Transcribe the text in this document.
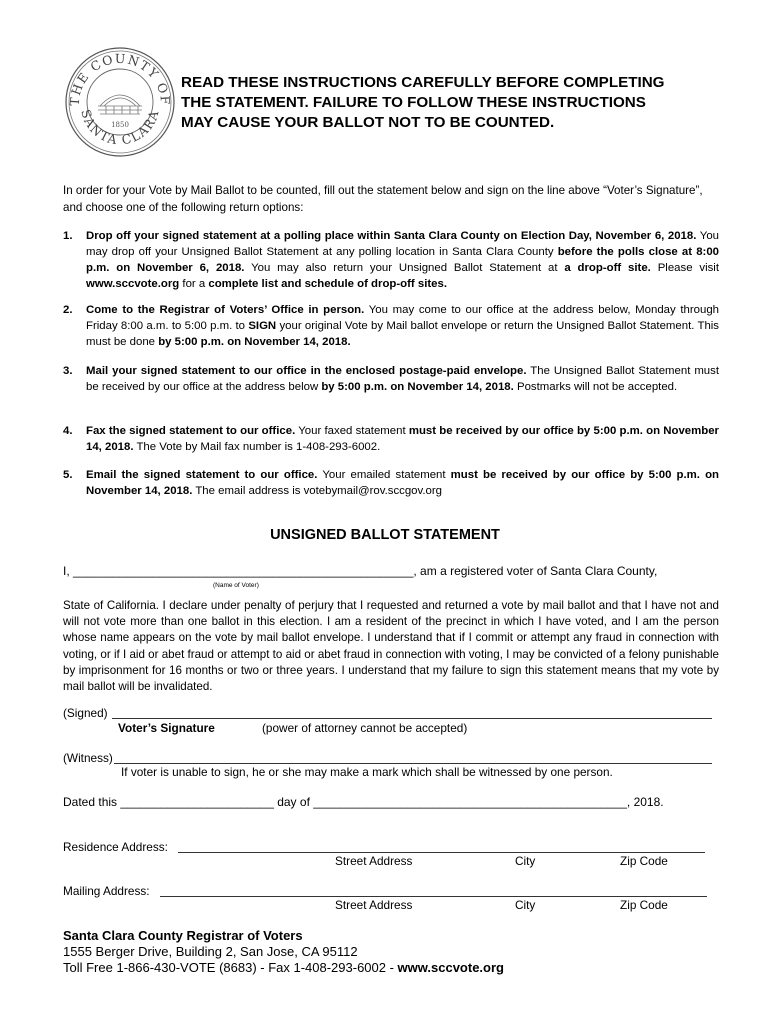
THE COUNTY OF
SANTA CLARA
1850
READ THESE INSTRUCTIONS CAREFULLY BEFORE COMPLETING
THE STATEMENT. FAILURE TO FOLLOW THESE INSTRUCTIONS
MAY CAUSE YOUR BALLOT NOT TO BE COUNTED.
In order for your Vote by Mail Ballot to be counted, fill out the statement below and sign on the line above “Voter’s Signature”, and choose one of the following return options:
1.	Drop off your signed statement at a polling place within Santa Clara County on Election Day, November 6, 2018. You may drop off your Unsigned Ballot Statement at any polling location in Santa Clara County before the polls close at 8:00 p.m. on November 6, 2018. You may also return your Unsigned Ballot Statement at a drop-off site. Please visit www.sccvote.org for a complete list and schedule of drop-off sites.
2.	Come to the Registrar of Voters’ Office in person. You may come to our office at the address below, Monday through Friday 8:00 a.m. to 5:00 p.m. to SIGN your original Vote by Mail ballot envelope or return the Unsigned Ballot Statement. This must be done by 5:00 p.m. on November 14, 2018.
3.	Mail your signed statement to our office in the enclosed postage-paid envelope. The Unsigned Ballot Statement must be received by our office at the address below by 5:00 p.m. on November 14, 2018. Postmarks will not be accepted.
4.	Fax the signed statement to our office. Your faxed statement must be received by our office by 5:00 p.m. on November 14, 2018. The Vote by Mail fax number is 1-408-293-6002.
5.	Email the signed statement to our office. Your emailed statement must be received by our office by 5:00 p.m. on November 14, 2018. The email address is votebymail@rov.sccgov.org
UNSIGNED BALLOT STATEMENT
I, ___________________________________________________, am a registered voter of Santa Clara County,
(Name of Voter)
State of California. I declare under penalty of perjury that I requested and returned a vote by mail ballot and that I have not and will not vote more than one ballot in this election. I am a resident of the precinct in which I have voted, and I am the person whose name appears on the vote by mail ballot envelope. I understand that if I commit or attempt any fraud in connection with voting, or if I aid or abet fraud or attempt to aid or abet fraud in connection with voting, I may be convicted of a felony punishable by imprisonment for 16 months or two or three years. I understand that my failure to sign this statement means that my vote by mail ballot will be invalidated.
(Signed)
Voter’s Signature	(power of attorney cannot be accepted)
(Witness)
If voter is unable to sign, he or she may make a mark which shall be witnessed by one person.
Dated this _______________________ day of _______________________________________________, 2018.
Residence Address:
Street Address	City	Zip Code
Mailing Address:
Street Address	City	Zip Code
Santa Clara County Registrar of Voters
1555 Berger Drive, Building 2, San Jose, CA 95112
Toll Free 1-866-430-VOTE (8683) - Fax 1-408-293-6002 - www.sccvote.org
